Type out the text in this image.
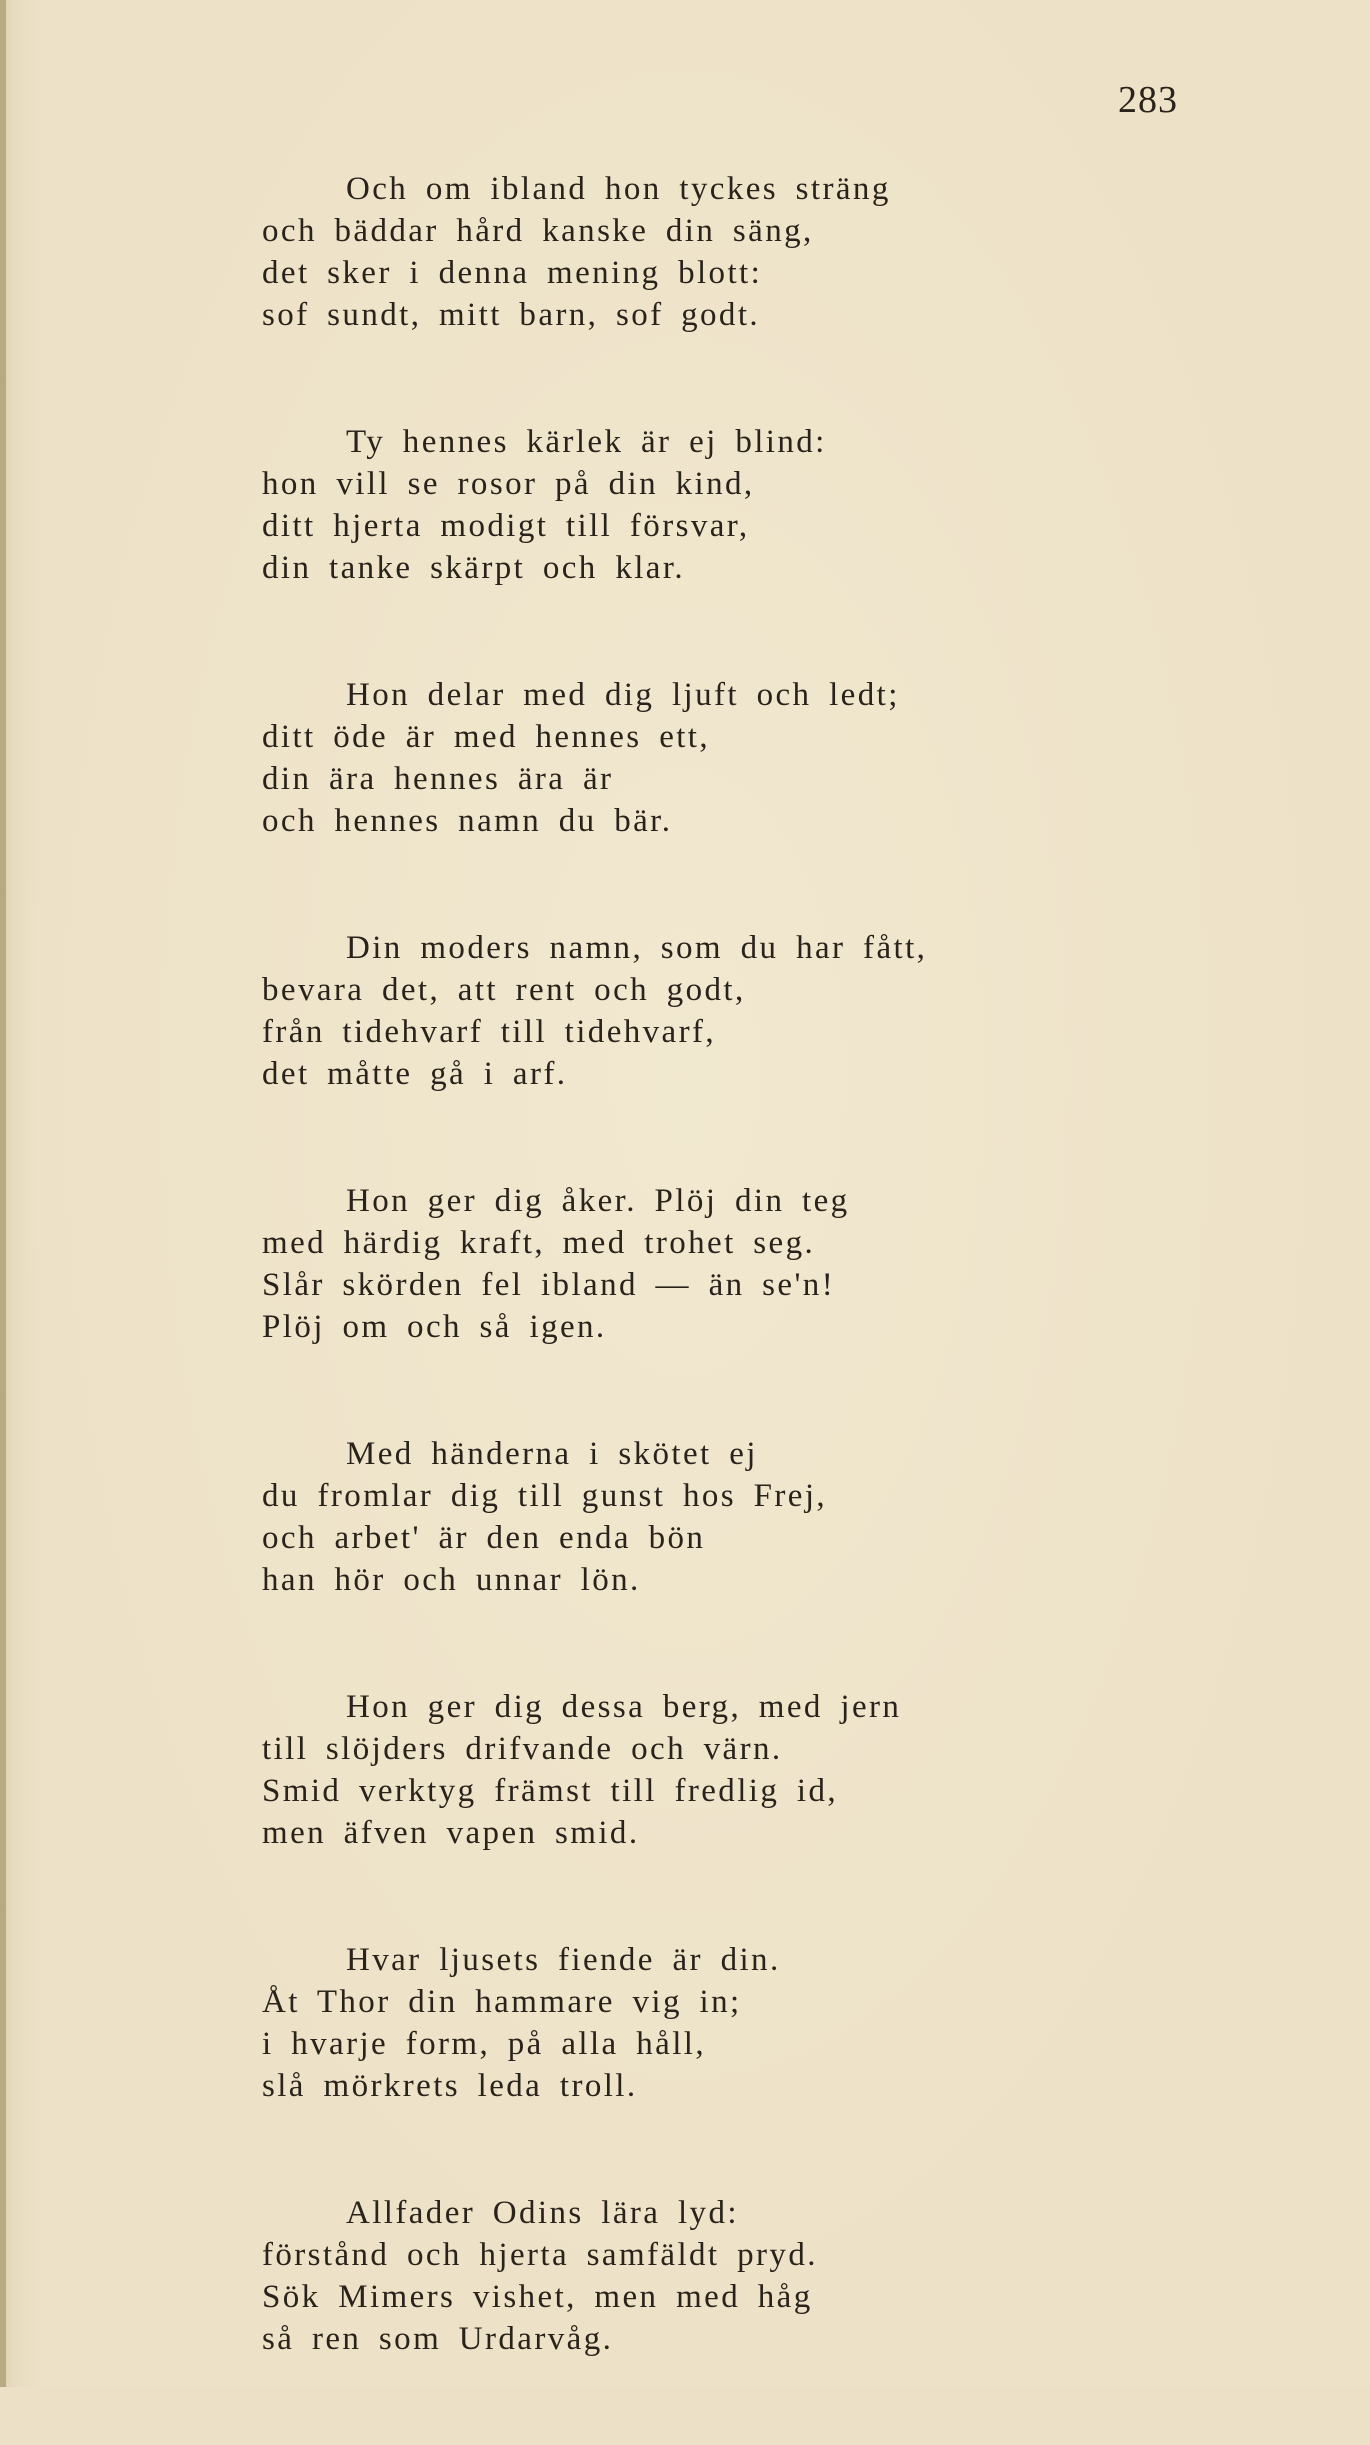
283

Och om ibland hon tyckes sträng
och bäddar hård kanske din säng,
det sker i denna mening blott:
sof sundt, mitt barn, sof godt.
Ty hennes kärlek är ej blind:
hon vill se rosor på din kind,
ditt hjerta modigt till försvar,
din tanke skärpt och klar.
Hon delar med dig ljuft och ledt;
ditt öde är med hennes ett,
din ära hennes ära är
och hennes namn du bär.
Din moders namn, som du har fått,
bevara det, att rent och godt,
från tidehvarf till tidehvarf,
det måtte gå i arf.
Hon ger dig åker. Plöj din teg
med härdig kraft, med trohet seg.
Slår skörden fel ibland — än se'n!
Plöj om och så igen.
Med händerna i skötet ej
du fromlar dig till gunst hos Frej,
och arbet' är den enda bön
han hör och unnar lön.
Hon ger dig dessa berg, med jern
till slöjders drifvande och värn.
Smid verktyg främst till fredlig id,
men äfven vapen smid.
Hvar ljusets fiende är din.
Åt Thor din hammare vig in;
i hvarje form, på alla håll,
slå mörkrets leda troll.
Allfader Odins lära lyd:
förstånd och hjerta samfäldt pryd.
Sök Mimers vishet, men med håg
så ren som Urdarvåg.
